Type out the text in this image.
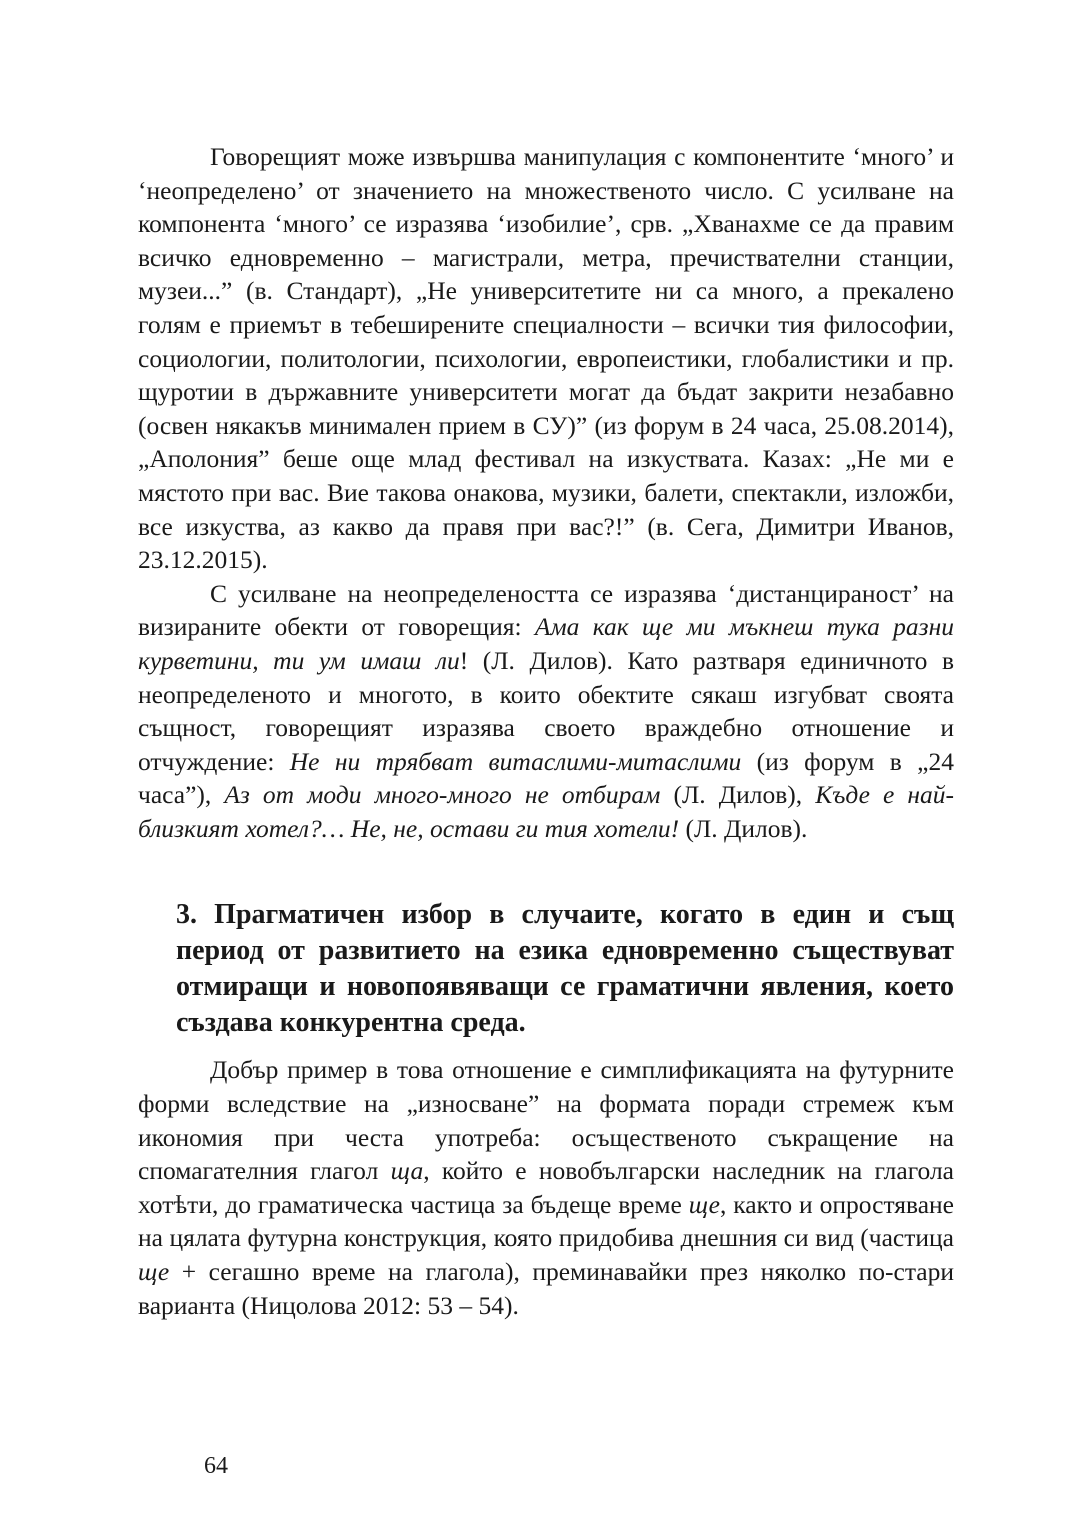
Говорещият може извършва манипулация с компонентите ‘много’ и ‘неопределено’ от значението на множественото число. С усилване на компонента ‘много’ се изразява ‘изобилие’, срв. „Хванахме се да правим всичко едновременно – магистрали, метра, пречиствателни станции, музеи...” (в. Стандарт), „Не университетите ни са много, а прекалено голям е приемът в тебеширените специалности – всички тия философии, социологии, политологии, психологии, европеистики, глобалистики и пр. щуротии в държавните университети могат да бъдат закрити незабавно (освен някакъв минимален прием в СУ)” (из форум в 24 часа, 25.08.2014), „Аполония” беше още млад фестивал на изкуствата. Казах: „Не ми е мястото при вас. Вие такова онакова, музики, балети, спектакли, изложби, все изкуства, аз какво да правя при вас?!” (в. Сега, Димитри Иванов, 23.12.2015).

С усилване на неопределеността се изразява ‘дистанцираност’ на визираните обекти от говорещия: Ама как ще ми мъкнеш тука разни курветини, ти ум имаш ли! (Л. Дилов). Като разтваря единичното в неопределеното и многото, в които обектите сякаш изгубват своята същност, говорещият изразява своето враждебно отношение и отчуждение: Не ни трябват витаслими-митаслими (из форум в „24 часа”), Аз от моди много-много не отбирам (Л. Дилов), Къде е най-близкият хотел?… Не, не, остави ги тия хотели! (Л. Дилов).

3. Прагматичен избор в случаите, когато в един и същ период от развитието на езика едновременно съществуват отмиращи и новопоявяващи се граматични явления, което създава конкурентна среда.

Добър пример в това отношение е симплификацията на футурните форми вследствие на „износване” на формата поради стремеж към икономия при честа употреба: осъщественото съкращение на спомагателния глагол ща, който е новобългарски наследник на глагола хотѣти, до граматическа частица за бъдеще време ще, както и опростяване на цялата футурна конструкция, която придобива днешния си вид (частица ще + сегашно време на глагола), преминавайки през няколко по-стари варианта (Ницолова 2012: 53 – 54).

64
